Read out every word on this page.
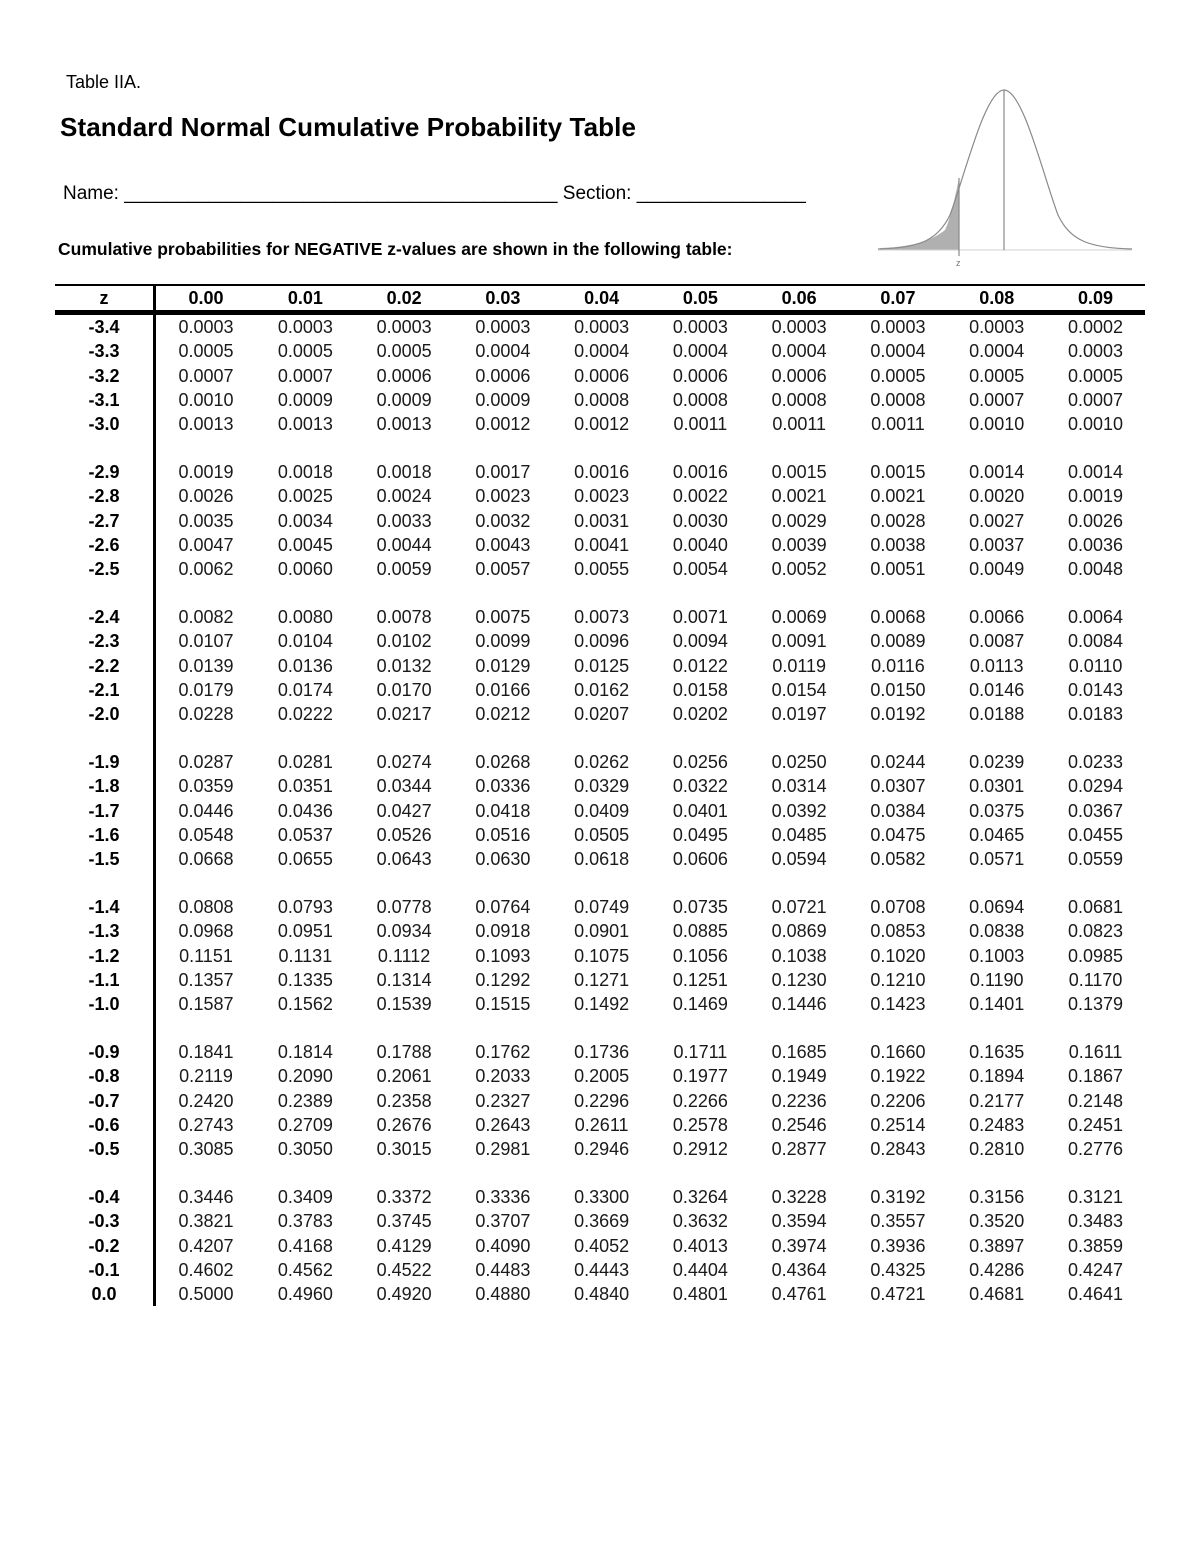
Table IIA.
Standard Normal Cumulative Probability Table
Name: _________________________________________ Section: ________________
Cumulative probabilities for NEGATIVE z-values are shown in the following table:
z
z	0.00	0.01	0.02	0.03	0.04	0.05	0.06	0.07	0.08	0.09
-3.4	0.0003	0.0003	0.0003	0.0003	0.0003	0.0003	0.0003	0.0003	0.0003	0.0002
-3.3	0.0005	0.0005	0.0005	0.0004	0.0004	0.0004	0.0004	0.0004	0.0004	0.0003
-3.2	0.0007	0.0007	0.0006	0.0006	0.0006	0.0006	0.0006	0.0005	0.0005	0.0005
-3.1	0.0010	0.0009	0.0009	0.0009	0.0008	0.0008	0.0008	0.0008	0.0007	0.0007
-3.0	0.0013	0.0013	0.0013	0.0012	0.0012	0.0011	0.0011	0.0011	0.0010	0.0010

-2.9	0.0019	0.0018	0.0018	0.0017	0.0016	0.0016	0.0015	0.0015	0.0014	0.0014
-2.8	0.0026	0.0025	0.0024	0.0023	0.0023	0.0022	0.0021	0.0021	0.0020	0.0019
-2.7	0.0035	0.0034	0.0033	0.0032	0.0031	0.0030	0.0029	0.0028	0.0027	0.0026
-2.6	0.0047	0.0045	0.0044	0.0043	0.0041	0.0040	0.0039	0.0038	0.0037	0.0036
-2.5	0.0062	0.0060	0.0059	0.0057	0.0055	0.0054	0.0052	0.0051	0.0049	0.0048

-2.4	0.0082	0.0080	0.0078	0.0075	0.0073	0.0071	0.0069	0.0068	0.0066	0.0064
-2.3	0.0107	0.0104	0.0102	0.0099	0.0096	0.0094	0.0091	0.0089	0.0087	0.0084
-2.2	0.0139	0.0136	0.0132	0.0129	0.0125	0.0122	0.0119	0.0116	0.0113	0.0110
-2.1	0.0179	0.0174	0.0170	0.0166	0.0162	0.0158	0.0154	0.0150	0.0146	0.0143
-2.0	0.0228	0.0222	0.0217	0.0212	0.0207	0.0202	0.0197	0.0192	0.0188	0.0183

-1.9	0.0287	0.0281	0.0274	0.0268	0.0262	0.0256	0.0250	0.0244	0.0239	0.0233
-1.8	0.0359	0.0351	0.0344	0.0336	0.0329	0.0322	0.0314	0.0307	0.0301	0.0294
-1.7	0.0446	0.0436	0.0427	0.0418	0.0409	0.0401	0.0392	0.0384	0.0375	0.0367
-1.6	0.0548	0.0537	0.0526	0.0516	0.0505	0.0495	0.0485	0.0475	0.0465	0.0455
-1.5	0.0668	0.0655	0.0643	0.0630	0.0618	0.0606	0.0594	0.0582	0.0571	0.0559

-1.4	0.0808	0.0793	0.0778	0.0764	0.0749	0.0735	0.0721	0.0708	0.0694	0.0681
-1.3	0.0968	0.0951	0.0934	0.0918	0.0901	0.0885	0.0869	0.0853	0.0838	0.0823
-1.2	0.1151	0.1131	0.1112	0.1093	0.1075	0.1056	0.1038	0.1020	0.1003	0.0985
-1.1	0.1357	0.1335	0.1314	0.1292	0.1271	0.1251	0.1230	0.1210	0.1190	0.1170
-1.0	0.1587	0.1562	0.1539	0.1515	0.1492	0.1469	0.1446	0.1423	0.1401	0.1379

-0.9	0.1841	0.1814	0.1788	0.1762	0.1736	0.1711	0.1685	0.1660	0.1635	0.1611
-0.8	0.2119	0.2090	0.2061	0.2033	0.2005	0.1977	0.1949	0.1922	0.1894	0.1867
-0.7	0.2420	0.2389	0.2358	0.2327	0.2296	0.2266	0.2236	0.2206	0.2177	0.2148
-0.6	0.2743	0.2709	0.2676	0.2643	0.2611	0.2578	0.2546	0.2514	0.2483	0.2451
-0.5	0.3085	0.3050	0.3015	0.2981	0.2946	0.2912	0.2877	0.2843	0.2810	0.2776

-0.4	0.3446	0.3409	0.3372	0.3336	0.3300	0.3264	0.3228	0.3192	0.3156	0.3121
-0.3	0.3821	0.3783	0.3745	0.3707	0.3669	0.3632	0.3594	0.3557	0.3520	0.3483
-0.2	0.4207	0.4168	0.4129	0.4090	0.4052	0.4013	0.3974	0.3936	0.3897	0.3859
-0.1	0.4602	0.4562	0.4522	0.4483	0.4443	0.4404	0.4364	0.4325	0.4286	0.4247
0.0	0.5000	0.4960	0.4920	0.4880	0.4840	0.4801	0.4761	0.4721	0.4681	0.4641
